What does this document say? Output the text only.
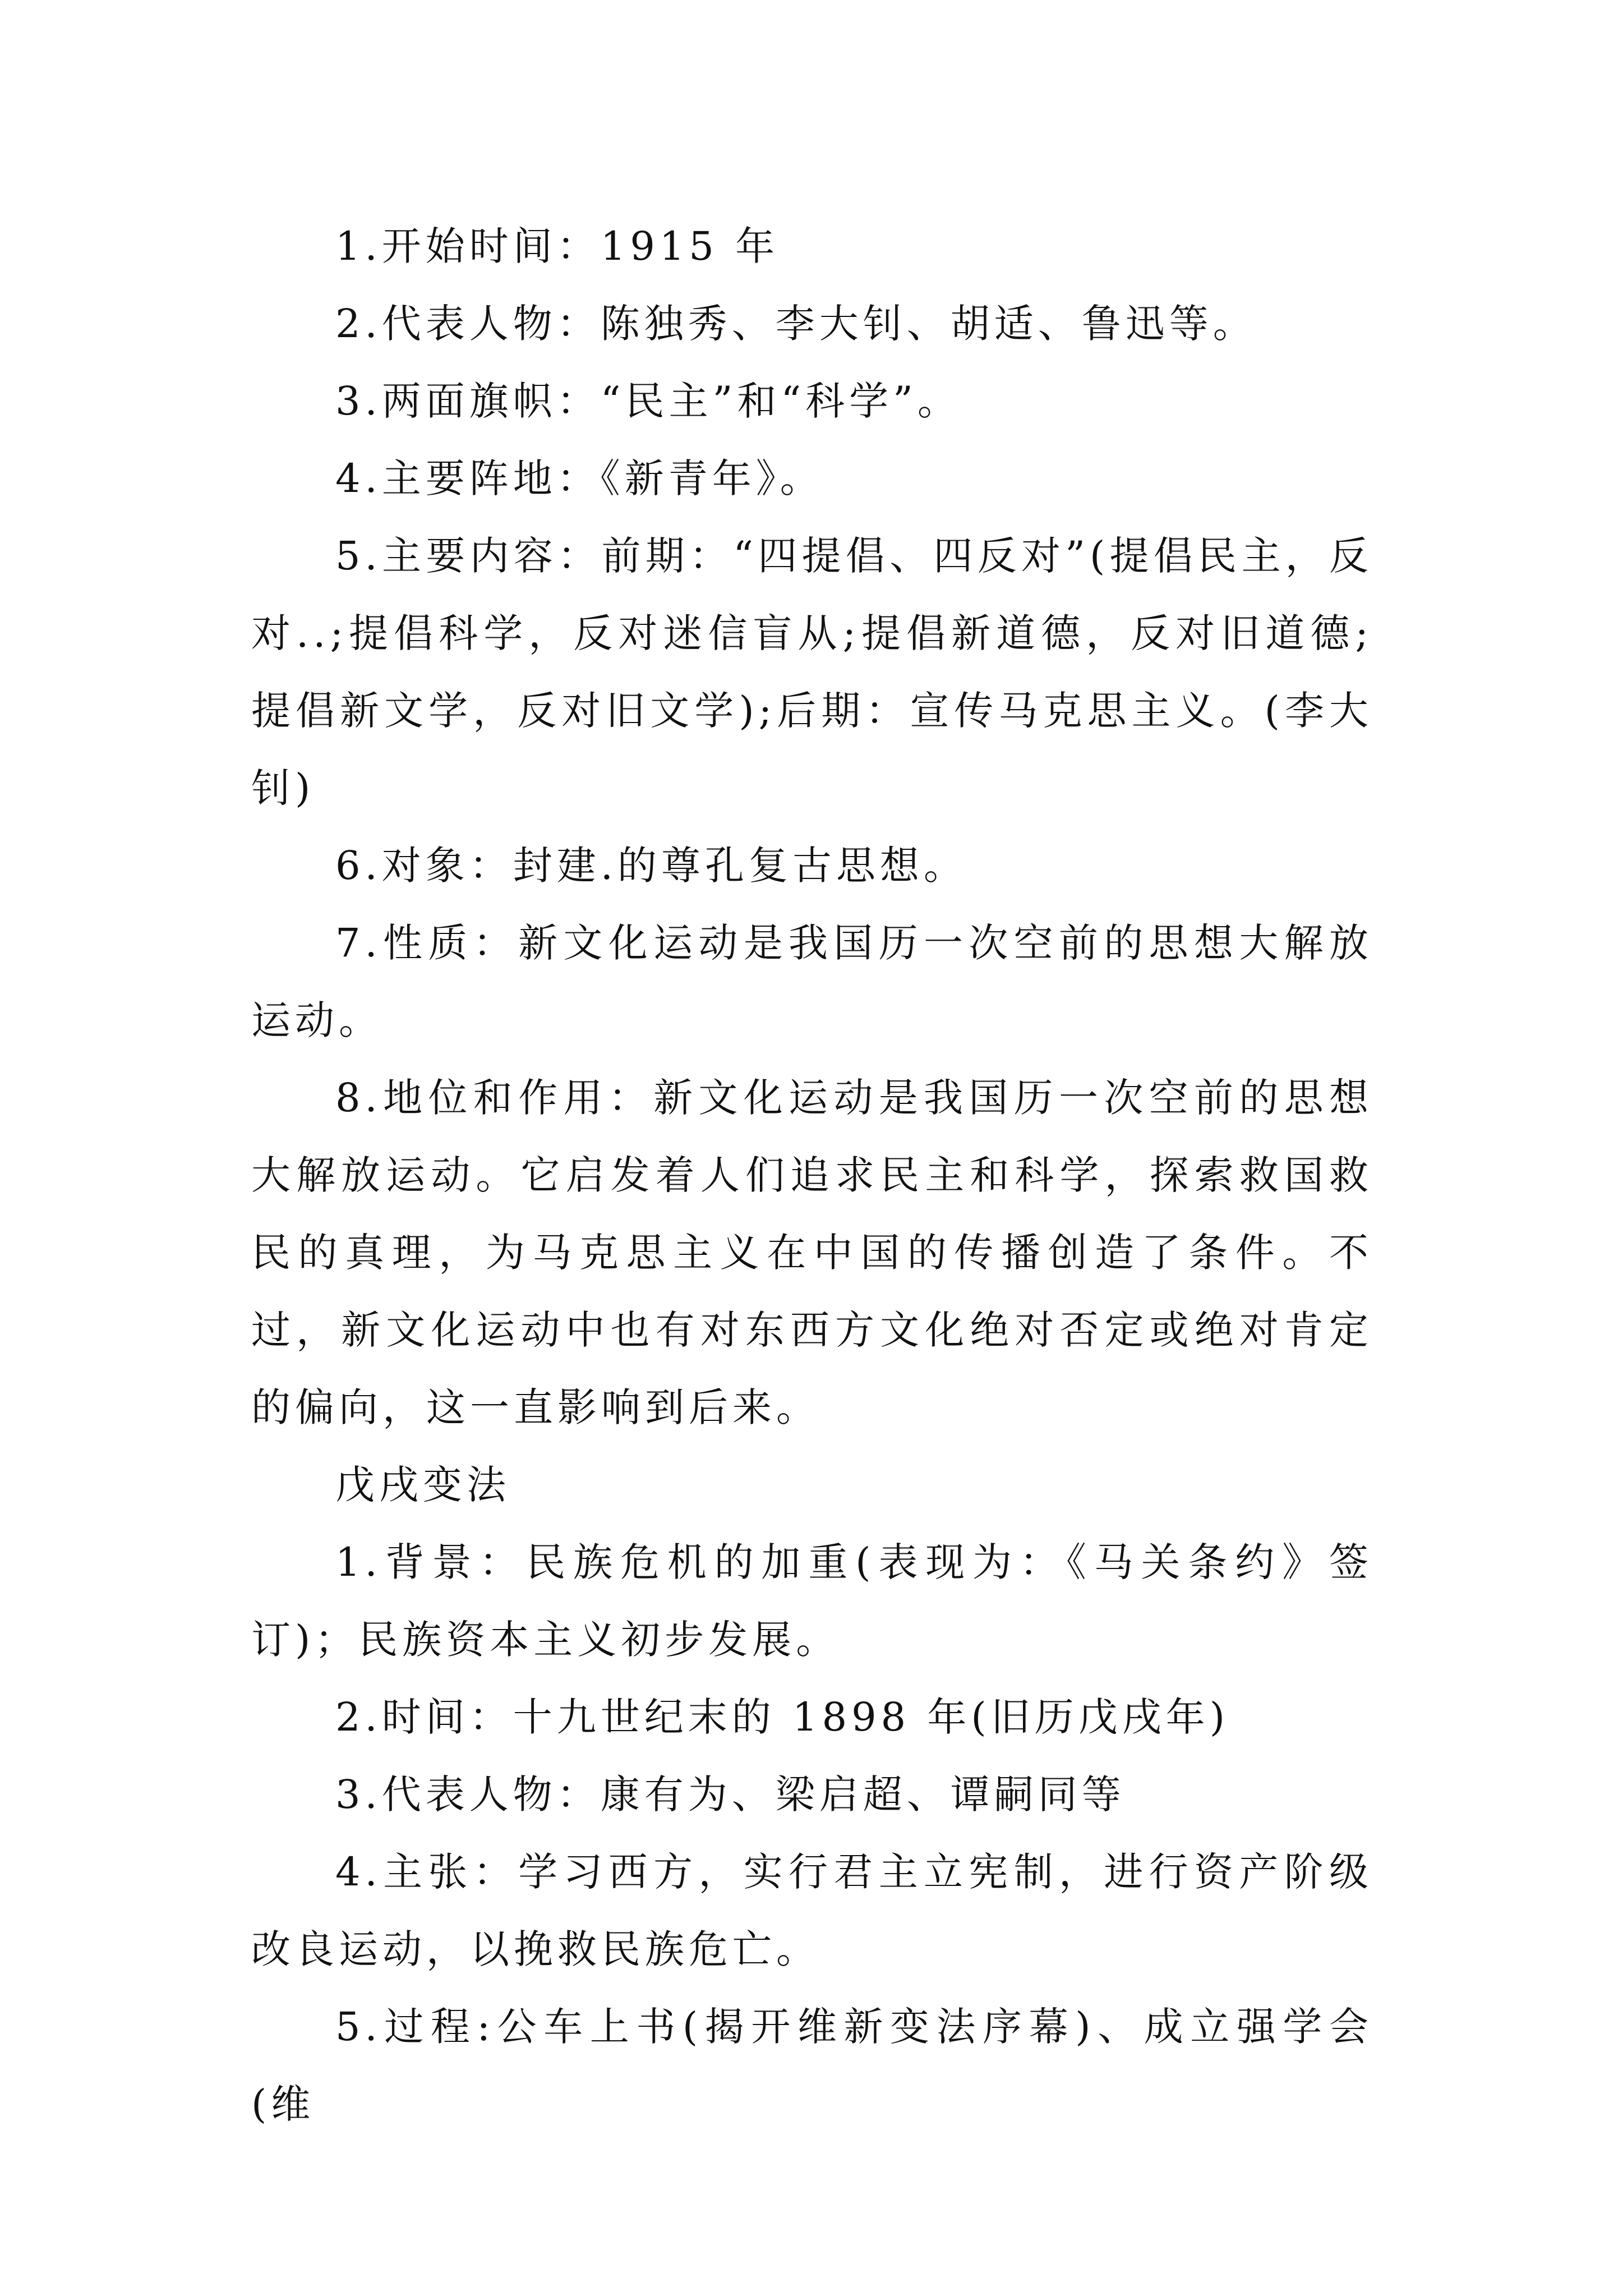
1.开始时间：1915 年

2.代表人物：陈独秀、李大钊、胡适、鲁迅等。

3.两面旗帜：“民主”和“科学”。

4.主要阵地：《新青年》。

5.主要内容：前期：“四提倡、四反对”(提倡民主，反对..;提倡科学，反对迷信盲从;提倡新道德，反对旧道德;提倡新文学，反对旧文学);后期：宣传马克思主义。(李大钊)

6.对象：封建.的尊孔复古思想。

7.性质：新文化运动是我国历一次空前的思想大解放运动。

8.地位和作用：新文化运动是我国历一次空前的思想大解放运动。它启发着人们追求民主和科学，探索救国救民的真理，为马克思主义在中国的传播创造了条件。不过，新文化运动中也有对东西方文化绝对否定或绝对肯定的偏向，这一直影响到后来。

戊戌变法

1.背景：民族危机的加重(表现为：《马关条约》签订)；民族资本主义初步发展。

2.时间：十九世纪末的 1898 年(旧历戊戌年)

3.代表人物：康有为、梁启超、谭嗣同等

4.主张：学习西方，实行君主立宪制，进行资产阶级改良运动，以挽救民族危亡。

5.过程:公车上书(揭开维新变法序幕)、成立强学会(维
